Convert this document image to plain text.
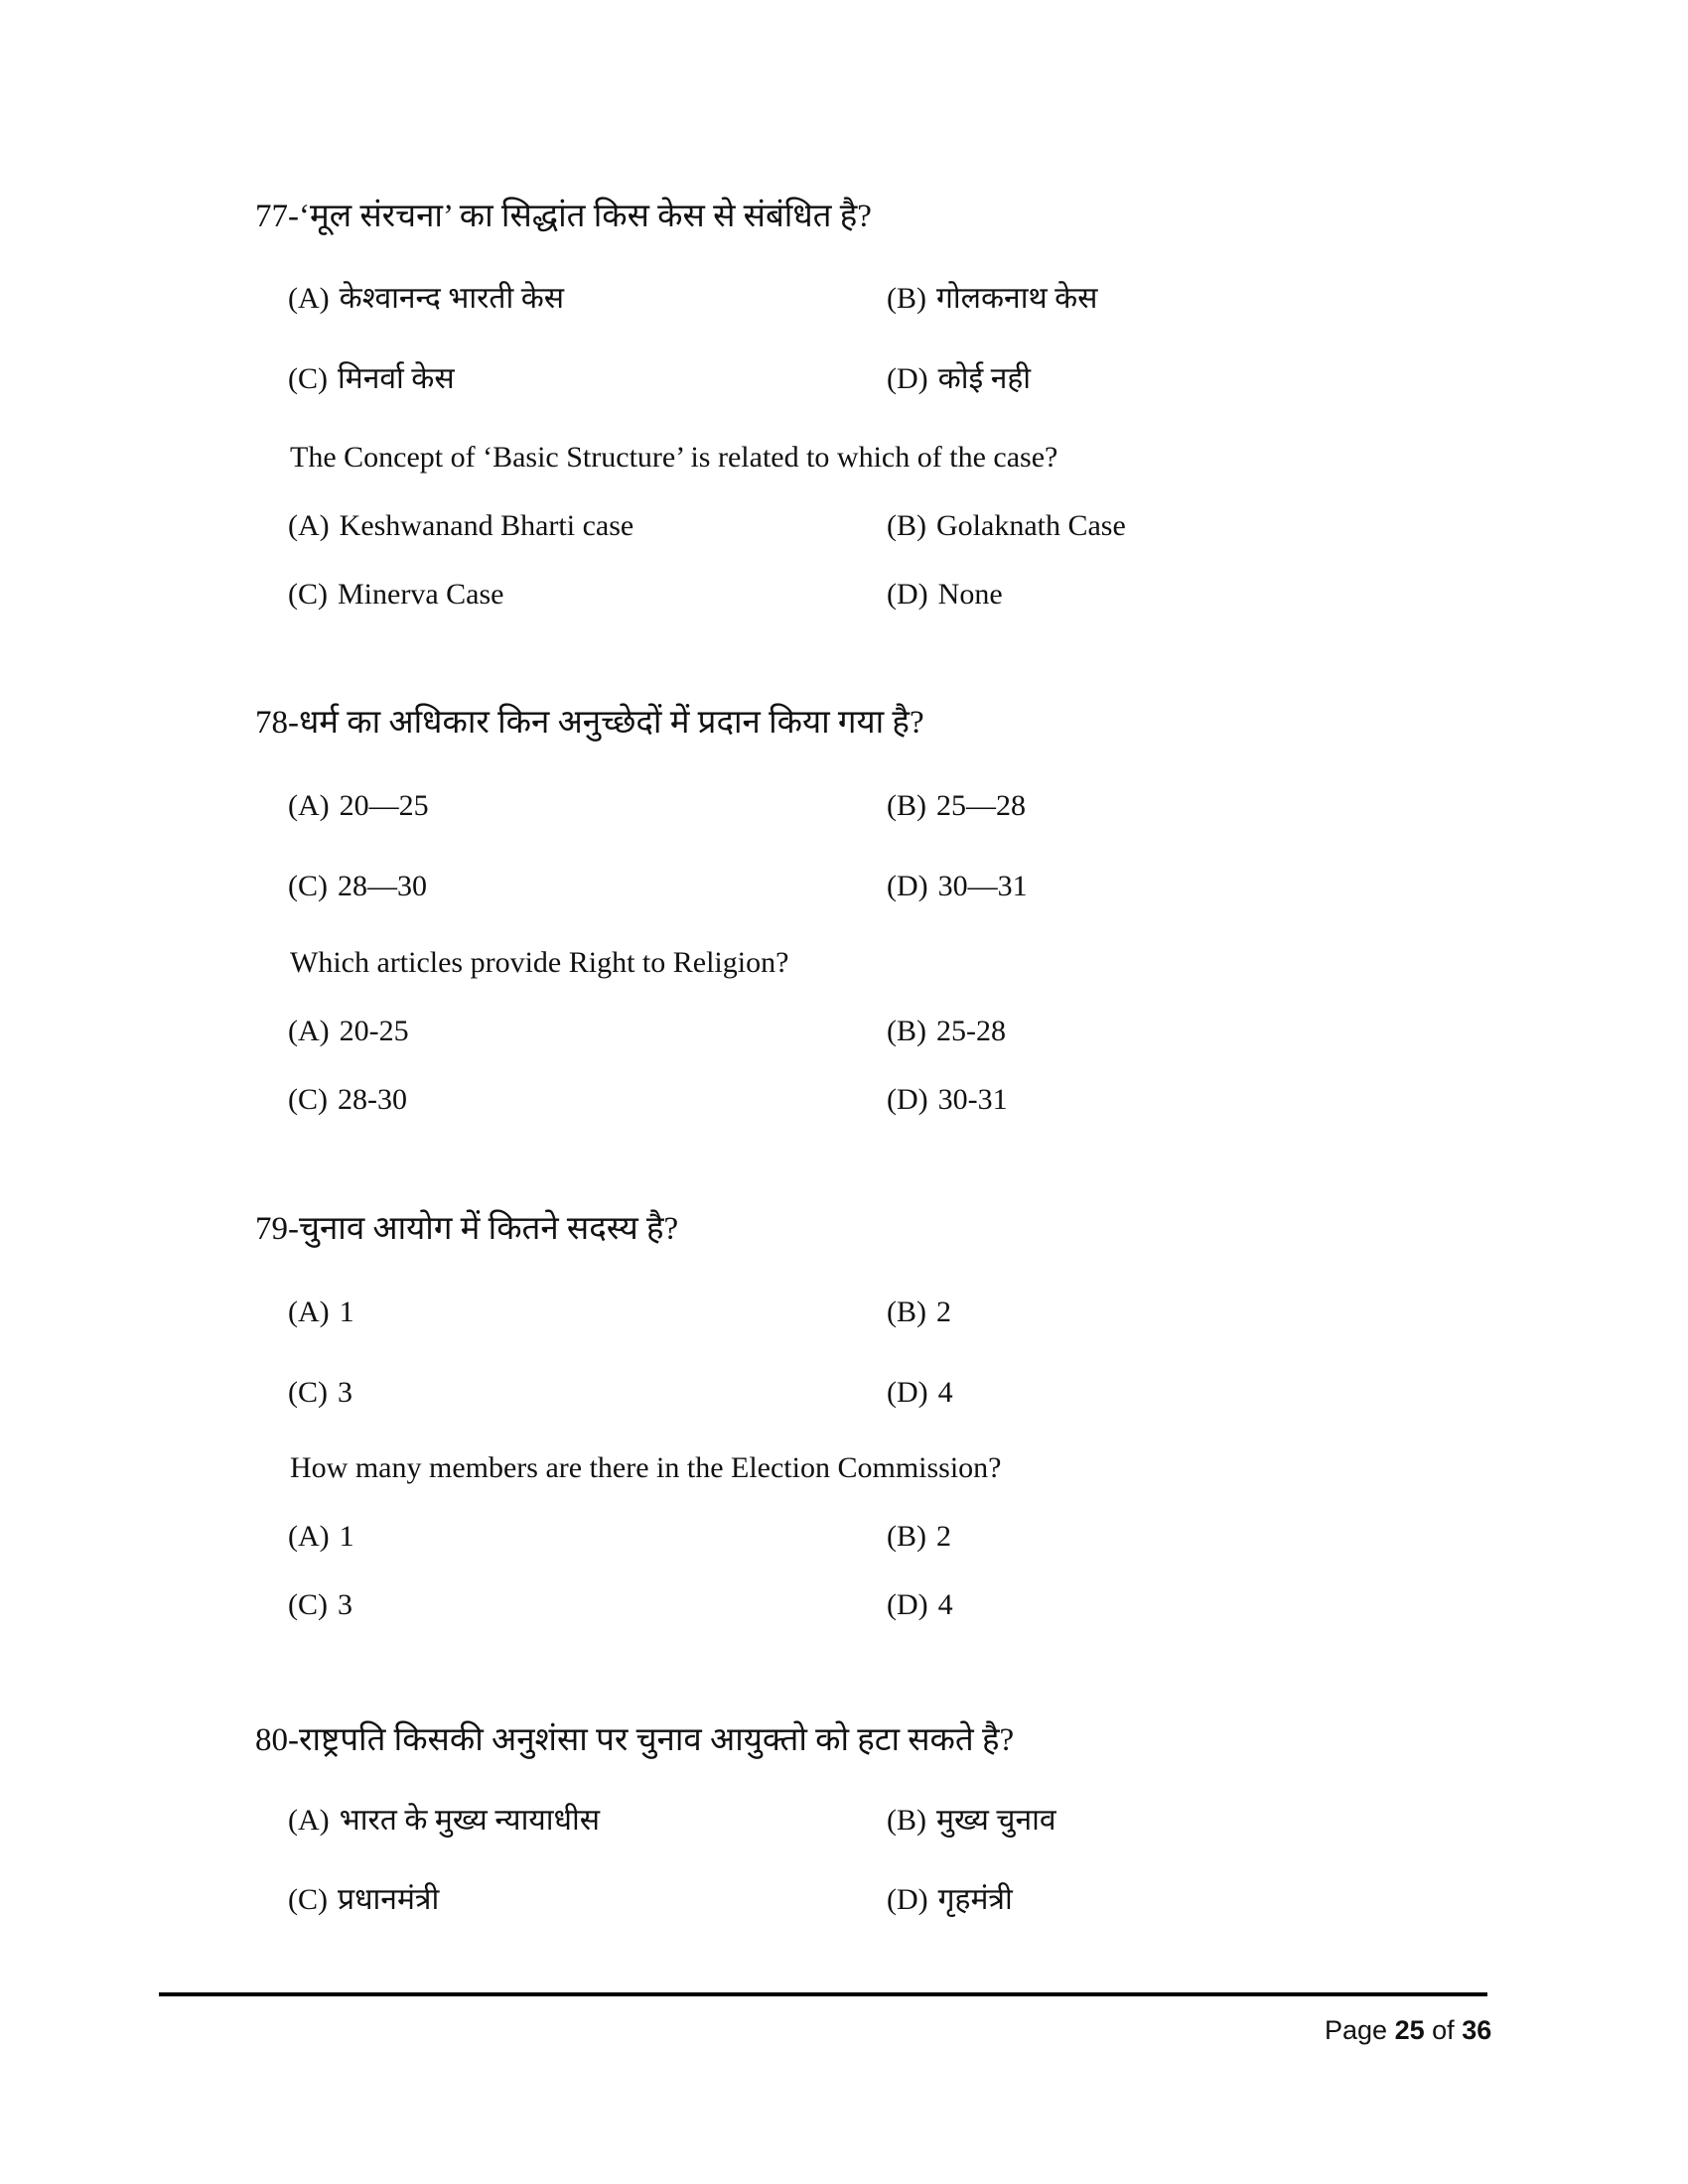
77-‘मूल संरचना’ का सिद्धांत किस केस से संबंधित है?
(A) केश्वानन्द भारती केस	(B) गोलकनाथ केस
(C) मिनर्वा केस	(D) कोई नही
The Concept of ‘Basic Structure’ is related to which of the case?
(A) Keshwanand Bharti case	(B) Golaknath Case
(C) Minerva Case	(D) None
78-धर्म का अधिकार किन अनुच्छेदों में प्रदान किया गया है?
(A) 20—25	(B) 25—28
(C) 28—30	(D) 30—31
Which articles provide Right to Religion?
(A) 20-25	(B) 25-28
(C) 28-30	(D) 30-31
79-चुनाव आयोग में कितने सदस्य है?
(A) 1	(B) 2
(C) 3	(D) 4
How many members are there in the Election Commission?
(A) 1	(B) 2
(C) 3	(D) 4
80-राष्ट्रपति किसकी अनुशंसा पर चुनाव आयुक्तो को हटा सकते है?
(A) भारत के मुख्य न्यायाधीस	(B) मुख्य चुनाव
(C) प्रधानमंत्री	(D) गृहमंत्री
Page 25 of 36
